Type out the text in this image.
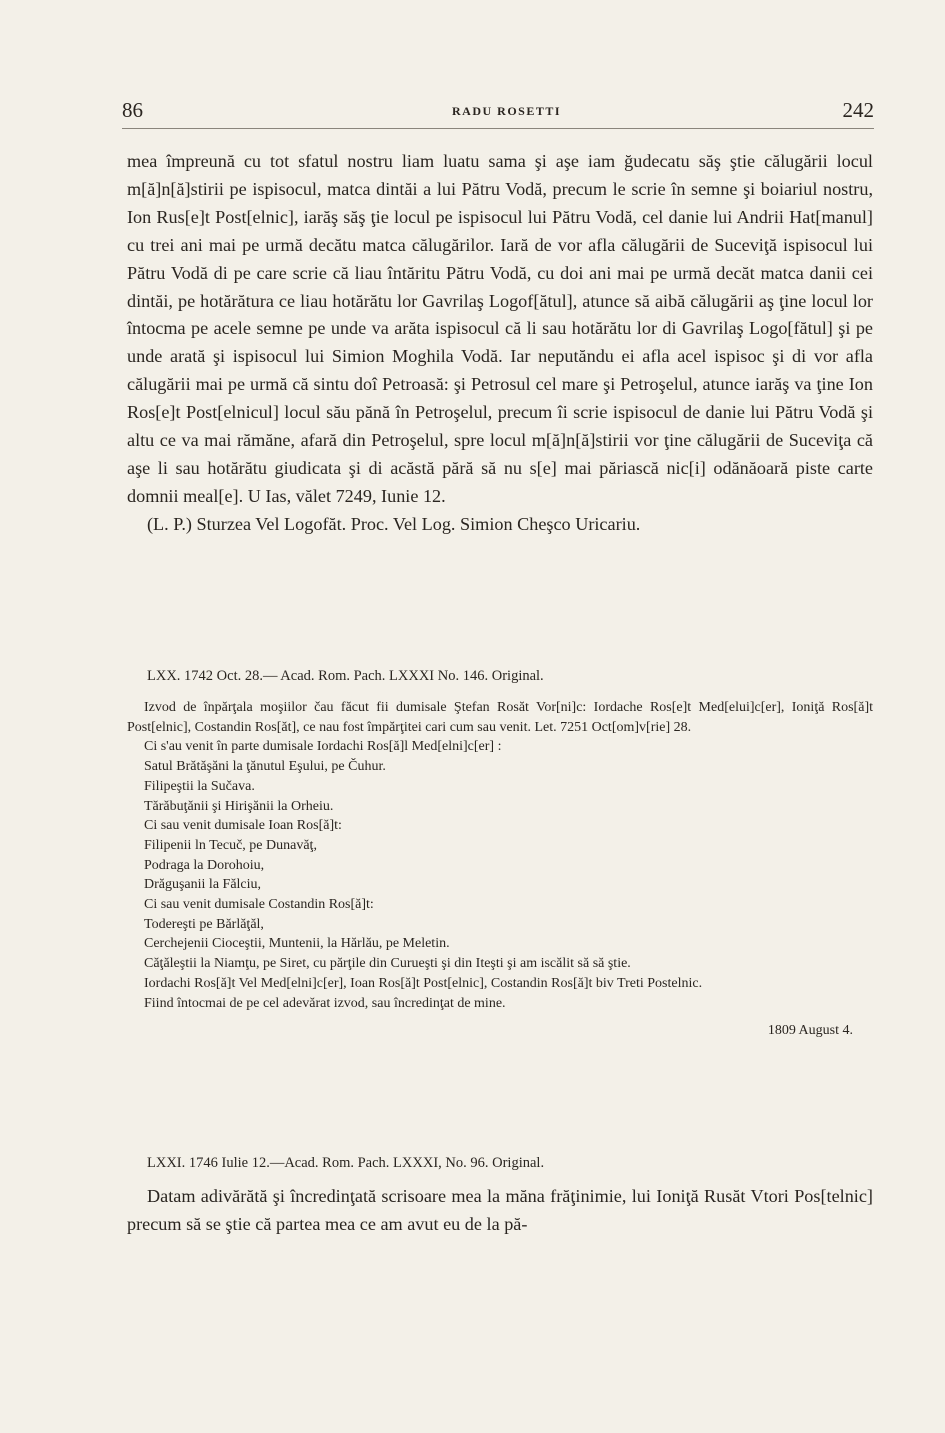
86	RADU ROSETTI	242

mea împreună cu tot sfatul nostru liam luatu sama şi aşe iam ğudecatu săş ştie călugării locul m[ă]n[ă]stirii pe ispisocul, matca dintăi a lui Pătru Vodă, precum le scrie în semne şi boiariul nostru, Ion Rus[e]t Post[elnic], iarăş săş ţie locul pe ispisocul lui Pătru Vodă, cel danie lui Andrii Hat[manul] cu trei ani mai pe urmă decătu matca călugărilor. Iară de vor afla călugării de Suceviţă ispisocul lui Pătru Vodă di pe care scrie că liau întăritu Pătru Vodă, cu doi ani mai pe urmă decăt matca danii cei dintăi, pe hotărătura ce liau hotărătu lor Gavrilaş Logof[ătul], atunce să aibă călugării aş ţine locul lor întocma pe acele semne pe unde va arăta ispisocul că li sau hotărătu lor di Gavrilaş Logo[fătul] şi pe unde arată şi ispisocul lui Simion Moghila Vodă. Iar neputăndu ei afla acel ispisoc şi di vor afla călugării mai pe urmă că sintu doî Petroasă: şi Petrosul cel mare şi Petroşelul, atunce iarăş va ţine Ion Ros[e]t Post[elnicul] locul său pănă în Petroşelul, precum îi scrie ispisocul de danie lui Pătru Vodă şi altu ce va mai rămăne, afară din Petroşelul, spre locul m[ă]n[ă]stirii vor ţine călugării de Suceviţa că aşe li sau hotărătu giudicata şi di acăstă pără să nu s[e] mai păriască nic[i] odănăoară piste carte domnii meal[e]. U Ias, vălet 7249, Iunie 12.

(L. P.) Sturzea Vel Logofăt. Proc. Vel Log. Simion Cheşco Uricariu.

LXX. 1742 Oct. 28.— Acad. Rom. Pach. LXXXI No. 146. Original.

Izvod de înpărţala moşiilor čau făcut fii dumisale Ştefan Rosăt Vor[ni]c: Iordache Ros[e]t Med[elui]c[er], Ioniţă Ros[ă]t Post[elnic], Costandin Ros[ăt], ce nau fost împărţitei cari cum sau venit. Let. 7251 Oct[om]v[rie] 28.

Ci s'au venit în parte dumisale Iordachi Ros[ă]l Med[elni]c[er] :

Satul Brătăşăni la ţănutul Eşului, pe Čuhur.

Filipeştii la Sučava.

Tărăbuţănii şi Hirişănii la Orheiu.

Ci sau venit dumisale Ioan Ros[ă]t:

Filipenii ln Tecuč, pe Dunavăţ,

Podraga la Dorohoiu,

Drăguşanii la Fălciu,

Ci sau venit dumisale Costandin Ros[ă]t:

Todereşti pe Bărlăţăl,

Cerchejenii Cioceştii, Muntenii, la Hărlău, pe Meletin.

Căţăleştii la Niamţu, pe Siret, cu părţile din Curueşti şi din Iteşti şi am iscălit să să ştie.

Iordachi Ros[ă]t Vel Med[elni]c[er], Ioan Ros[ă]t Post[elnic], Costandin Ros[ă]t biv Treti Postelnic.

Fiind întocmai de pe cel adevărat izvod, sau încredinţat de mine.

1809 August 4.

LXXI. 1746 Iulie 12.—Acad. Rom. Pach. LXXXI, No. 96. Original.

Datam adivărătă şi încredinţată scrisoare mea la măna frăţinimie, lui Ioniţă Rusăt Vtori Pos[telnic] precum să se ştie că partea mea ce am avut eu de la pă-
